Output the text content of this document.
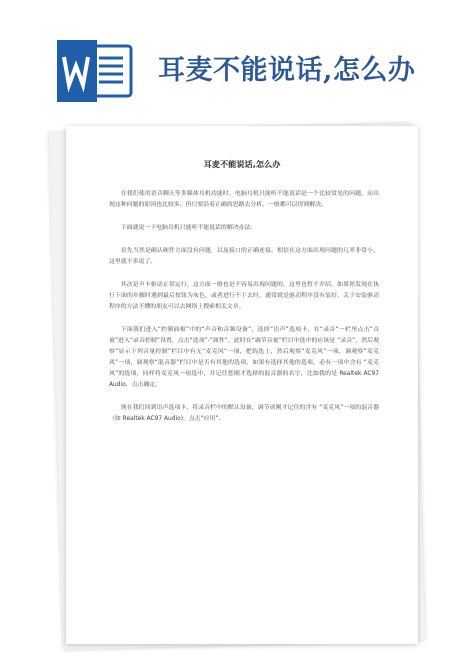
耳麦不能说话,怎么办
耳麦不能说话,怎么办

在我们使用语音聊天等多媒体耳机功能时，电脑耳机只能听不能说话是一个比较常见的问题，而出现这种问题的原因也比较多，但只要沿着正确的思路去分析，一般都可以得到解决。

下面就说一下电脑耳机只能听不能说话的解决办法：

首先当然是确认硬件方面没有问题，以及接口的正确连接。相信在这方面出现问题的几率非常小，这里就不多说了。

其次是声卡驱动正常运行，这方面一般也是不容易出现问题的，这里也暂不介绍，如果你发现在执行下面的步骤时遇到最后按钮为灰色，或者进行不下去时，通常就是驱动程序没有装好，关于安装驱动程序的方法不懂的朋友可以去网络上搜索相关文章。

下面我们进入“控制面板”中的“声音和音频设备”，选择“语声”选项卡，在“录音”一栏里点击“音量”进入“录音控制”设置，点击“选项”-“属性”，此时在“调节音量”栏目中选中的应该是 “录音”，然后观察“显示下列音量控制”栏目中有无“麦克风”一项，把钩选上，然后观察“麦克风”一项，调观察“麦克风”一项，调观察“混音器”栏目中是否有其他的选项，如果有选择其他的选项，必有一项中含有 “麦克风”的选项，同样将麦克风一项选中，并记住您刚才选择的混音器的名字，比如我的是 Realtek AC97 Audio，点击确定。

现在我们回到语声选项卡，将录音栏中的默认设备，调节成刚才记住的含有 “麦克风”一项的混音器（如 Realtek AC97 Audio)，点击“应用”。
